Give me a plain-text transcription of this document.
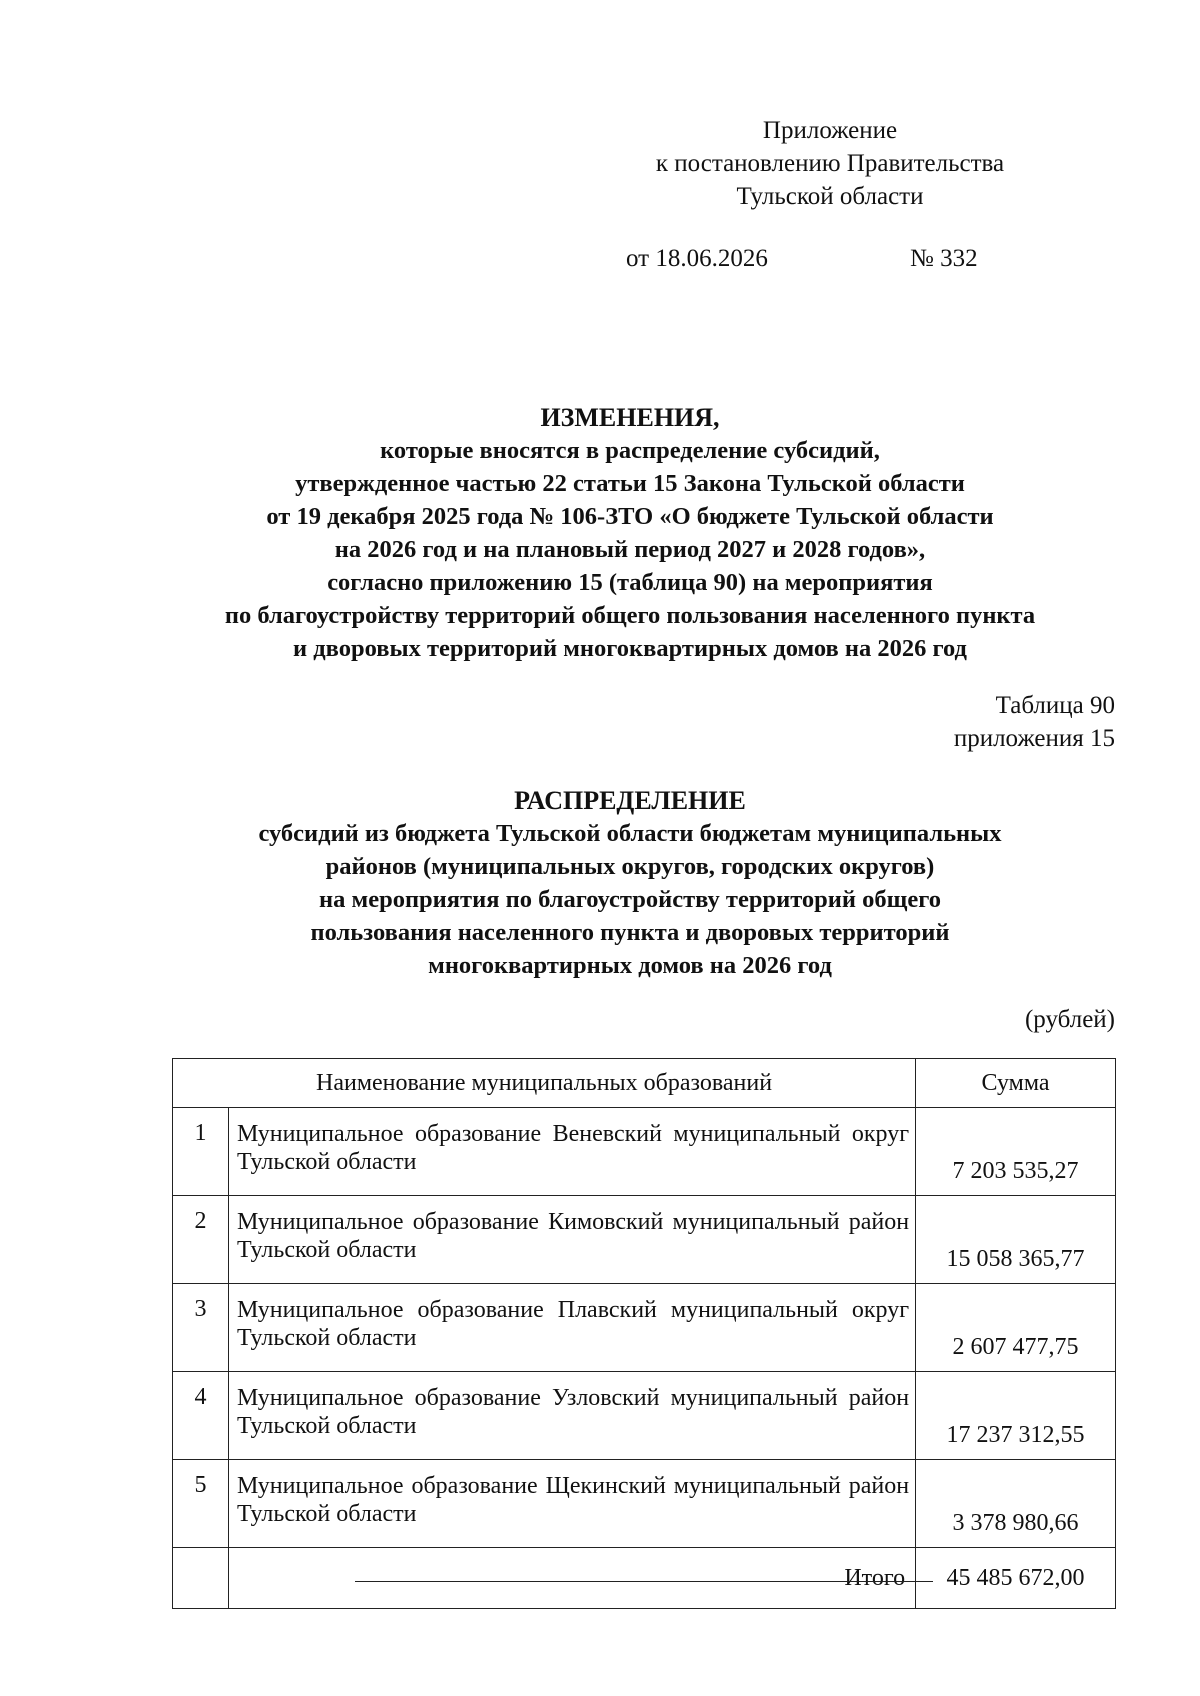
Приложение
к постановлению Правительства
Тульской области
от 18.06.2026	№ 332
ИЗМЕНЕНИЯ,
которые вносятся в распределение субсидий,
утвержденное частью 22 статьи 15 Закона Тульской области
от 19 декабря 2025 года № 106-ЗТО «О бюджете Тульской области
на 2026 год и на плановый период 2027 и 2028 годов»,
согласно приложению 15 (таблица 90) на мероприятия
по благоустройству территорий общего пользования населенного пункта
и дворовых территорий многоквартирных домов на 2026 год
Таблица 90
приложения 15
РАСПРЕДЕЛЕНИЕ
субсидий из бюджета Тульской области бюджетам муниципальных
районов (муниципальных округов, городских округов)
на мероприятия по благоустройству территорий общего
пользования населенного пункта и дворовых территорий
многоквартирных домов на 2026 год
(рублей)
Наименование муниципальных образований		Сумма
1	Муниципальное образование Веневский муниципальный округ Тульской области	7 203 535,27
2	Муниципальное образование Кимовский муниципальный район Тульской области	15 058 365,77
3	Муниципальное образование Плавский муниципальный округ Тульской области	2 607 477,75
4	Муниципальное образование Узловский муниципальный район Тульской области	17 237 312,55
5	Муниципальное образование Щекинский муниципальный район Тульской области	3 378 980,66
	Итого	45 485 672,00
